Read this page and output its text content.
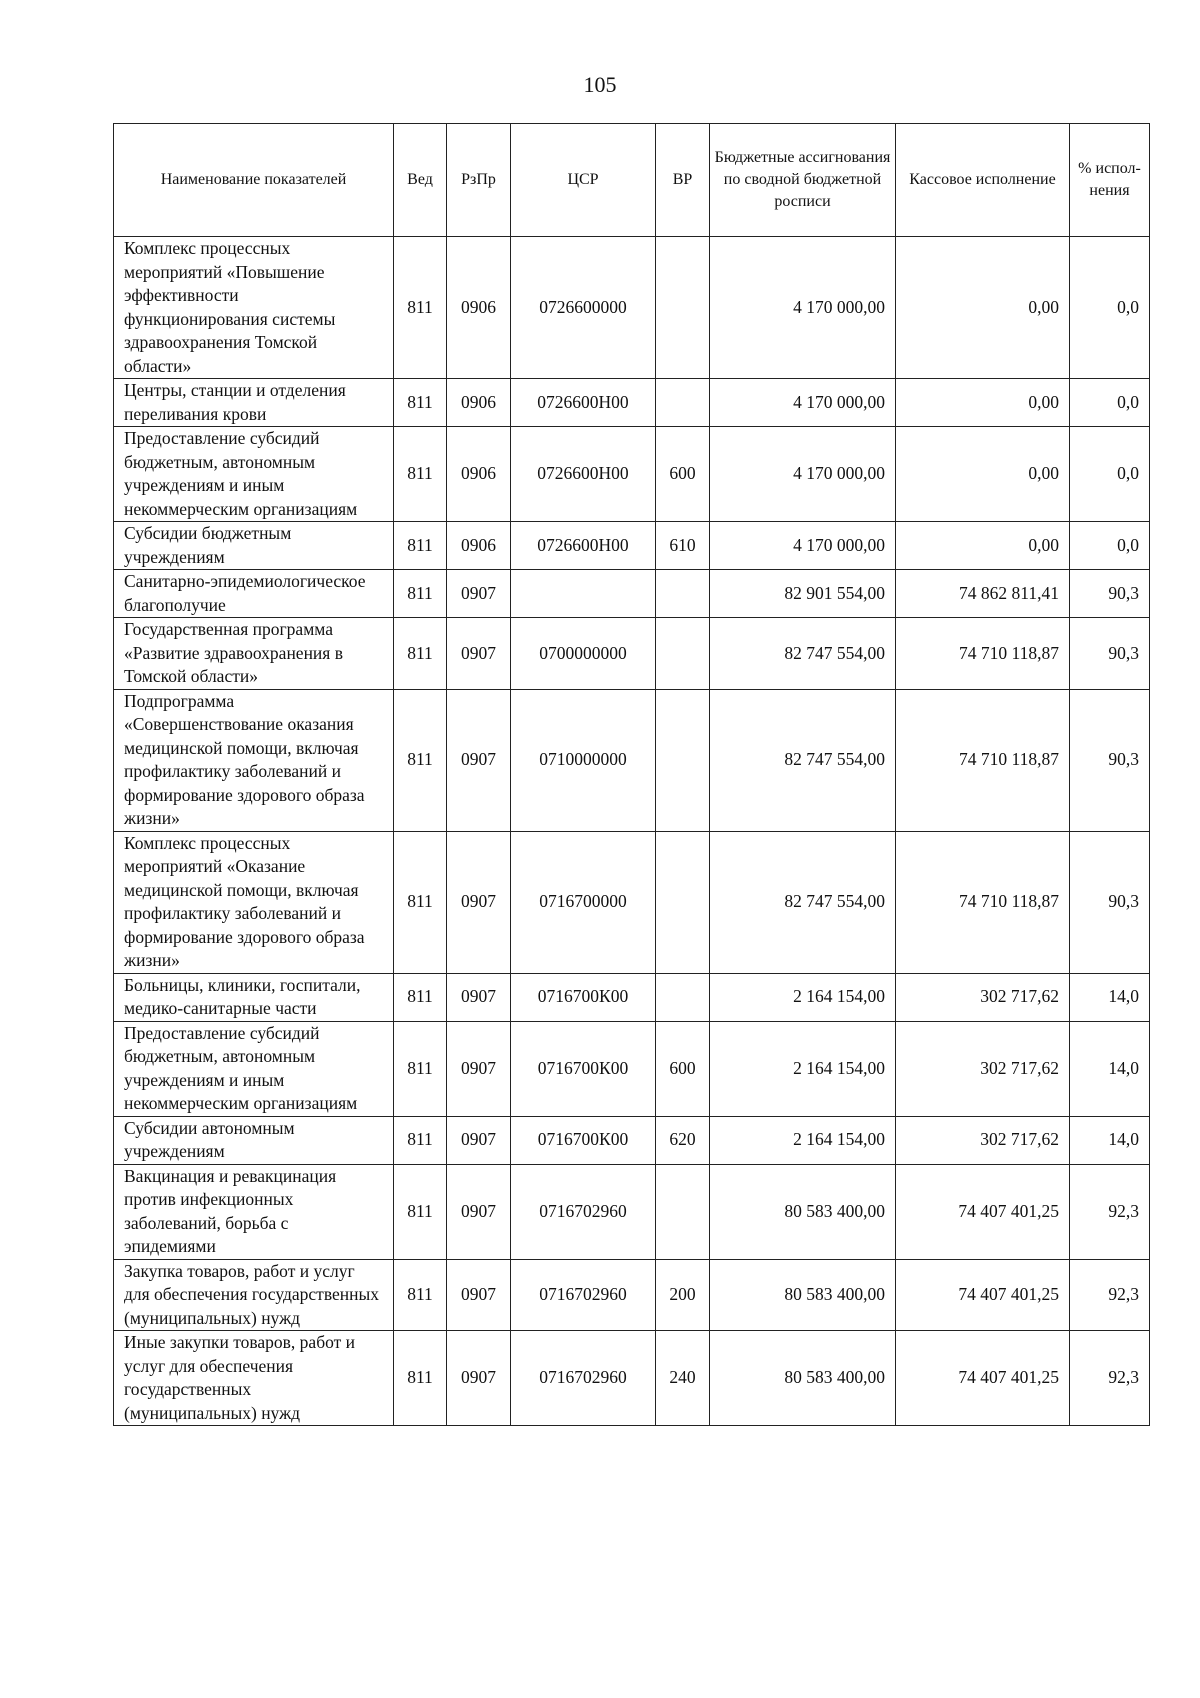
105
Наименование показателей	Вед	РзПр	ЦСР	ВР	Бюджетные ассигнования по сводной бюджетной росписи	Кассовое исполнение	% испол-нения
Комплекс процессных мероприятий «Повышение эффективности функционирования системы здравоохранения Томской области»	811	0906	0726600000		4 170 000,00	0,00	0,0
Центры, станции и отделения переливания крови	811	0906	0726600Н00		4 170 000,00	0,00	0,0
Предоставление субсидий бюджетным, автономным учреждениям и иным некоммерческим организациям	811	0906	0726600Н00	600	4 170 000,00	0,00	0,0
Субсидии бюджетным учреждениям	811	0906	0726600Н00	610	4 170 000,00	0,00	0,0
Санитарно-эпидемиологическое благополучие	811	0907			82 901 554,00	74 862 811,41	90,3
Государственная программа «Развитие здравоохранения в Томской области»	811	0907	0700000000		82 747 554,00	74 710 118,87	90,3
Подпрограмма «Совершенствование оказания медицинской помощи, включая профилактику заболеваний и формирование здорового образа жизни»	811	0907	0710000000		82 747 554,00	74 710 118,87	90,3
Комплекс процессных мероприятий «Оказание медицинской помощи, включая профилактику заболеваний и формирование здорового образа жизни»	811	0907	0716700000		82 747 554,00	74 710 118,87	90,3
Больницы, клиники, госпитали, медико-санитарные части	811	0907	0716700К00		2 164 154,00	302 717,62	14,0
Предоставление субсидий бюджетным, автономным учреждениям и иным некоммерческим организациям	811	0907	0716700К00	600	2 164 154,00	302 717,62	14,0
Субсидии автономным учреждениям	811	0907	0716700К00	620	2 164 154,00	302 717,62	14,0
Вакцинация и ревакцинация против инфекционных заболеваний, борьба с эпидемиями	811	0907	0716702960		80 583 400,00	74 407 401,25	92,3
Закупка товаров, работ и услуг для обеспечения государственных (муниципальных) нужд	811	0907	0716702960	200	80 583 400,00	74 407 401,25	92,3
Иные закупки товаров, работ и услуг для обеспечения государственных (муниципальных) нужд	811	0907	0716702960	240	80 583 400,00	74 407 401,25	92,3
